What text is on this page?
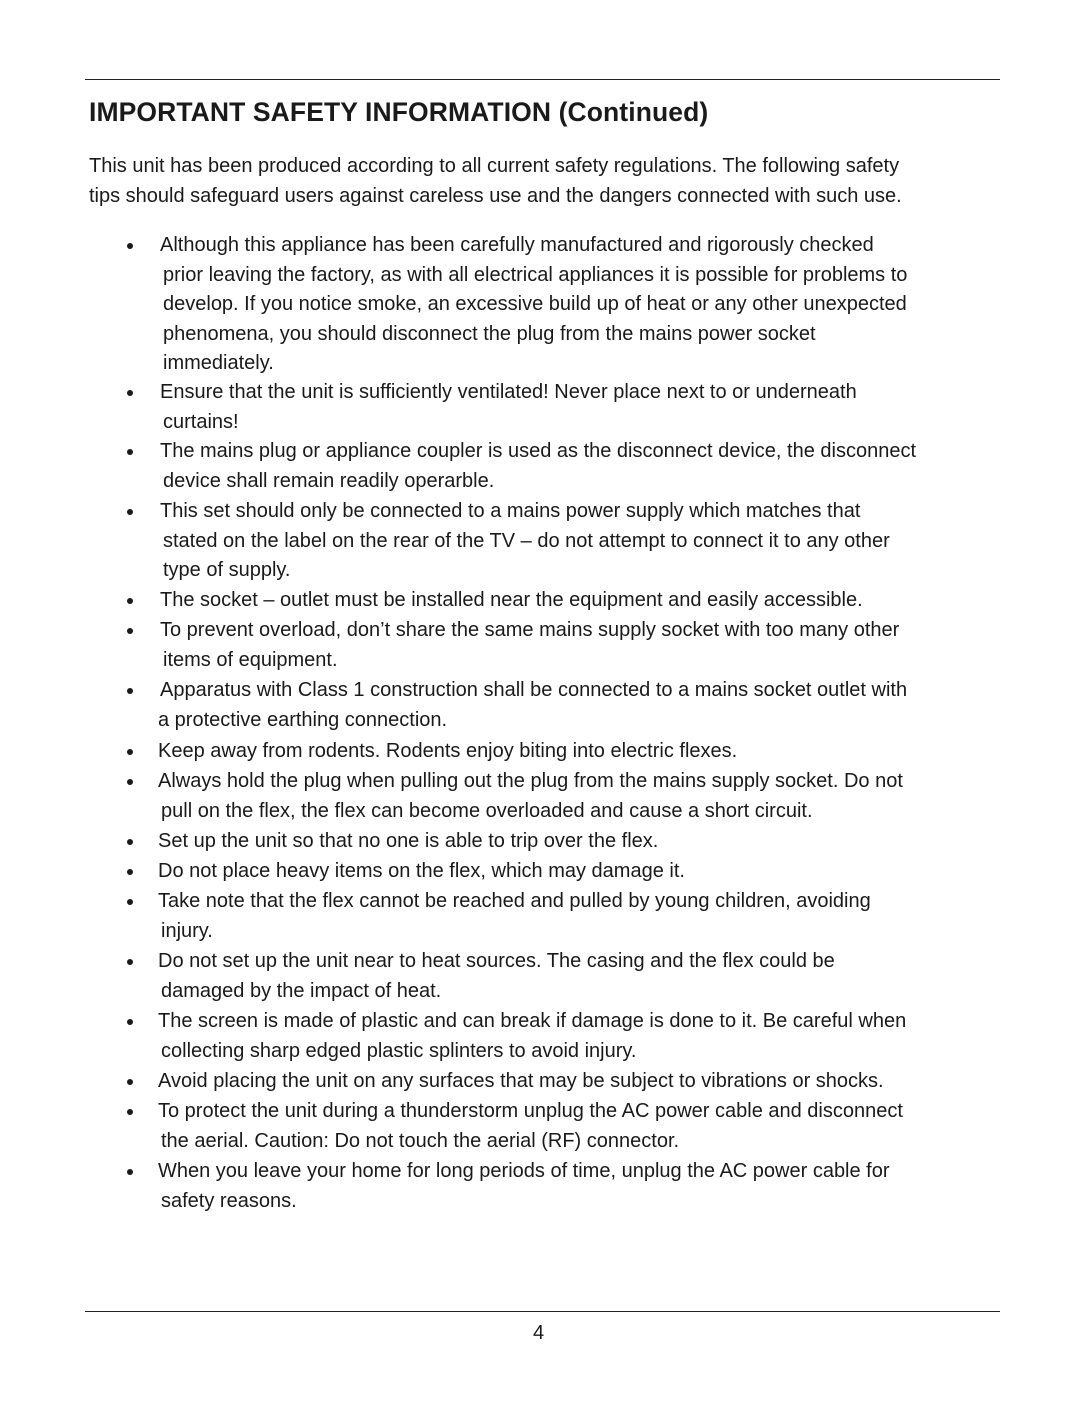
IMPORTANT SAFETY INFORMATION (Continued)

This unit has been produced according to all current safety regulations. The following safety
tips should safeguard users against careless use and the dangers connected with such use.

Although this appliance has been carefully manufactured and rigorously checked
prior leaving the factory, as with all electrical appliances it is possible for problems to
develop. If you notice smoke, an excessive build up of heat or any other unexpected
phenomena, you should disconnect the plug from the mains power socket
immediately.
Ensure that the unit is sufficiently ventilated! Never place next to or underneath
curtains!
The mains plug or appliance coupler is used as the disconnect device, the disconnect
device shall remain readily operarble.
This set should only be connected to a mains power supply which matches that
stated on the label on the rear of the TV – do not attempt to connect it to any other
type of supply.
The socket – outlet must be installed near the equipment and easily accessible.
To prevent overload, don’t share the same mains supply socket with too many other
items of equipment.
Apparatus with Class 1 construction shall be connected to a mains socket outlet with
a protective earthing connection.
Keep away from rodents. Rodents enjoy biting into electric flexes.
Always hold the plug when pulling out the plug from the mains supply socket. Do not
pull on the flex, the flex can become overloaded and cause a short circuit.
Set up the unit so that no one is able to trip over the flex.
Do not place heavy items on the flex, which may damage it.
Take note that the flex cannot be reached and pulled by young children, avoiding
injury.
Do not set up the unit near to heat sources. The casing and the flex could be
damaged by the impact of heat.
The screen is made of plastic and can break if damage is done to it. Be careful when
collecting sharp edged plastic splinters to avoid injury.
Avoid placing the unit on any surfaces that may be subject to vibrations or shocks.
To protect the unit during a thunderstorm unplug the AC power cable and disconnect
the aerial. Caution: Do not touch the aerial (RF) connector.
When you leave your home for long periods of time, unplug the AC power cable for
safety reasons.
4
